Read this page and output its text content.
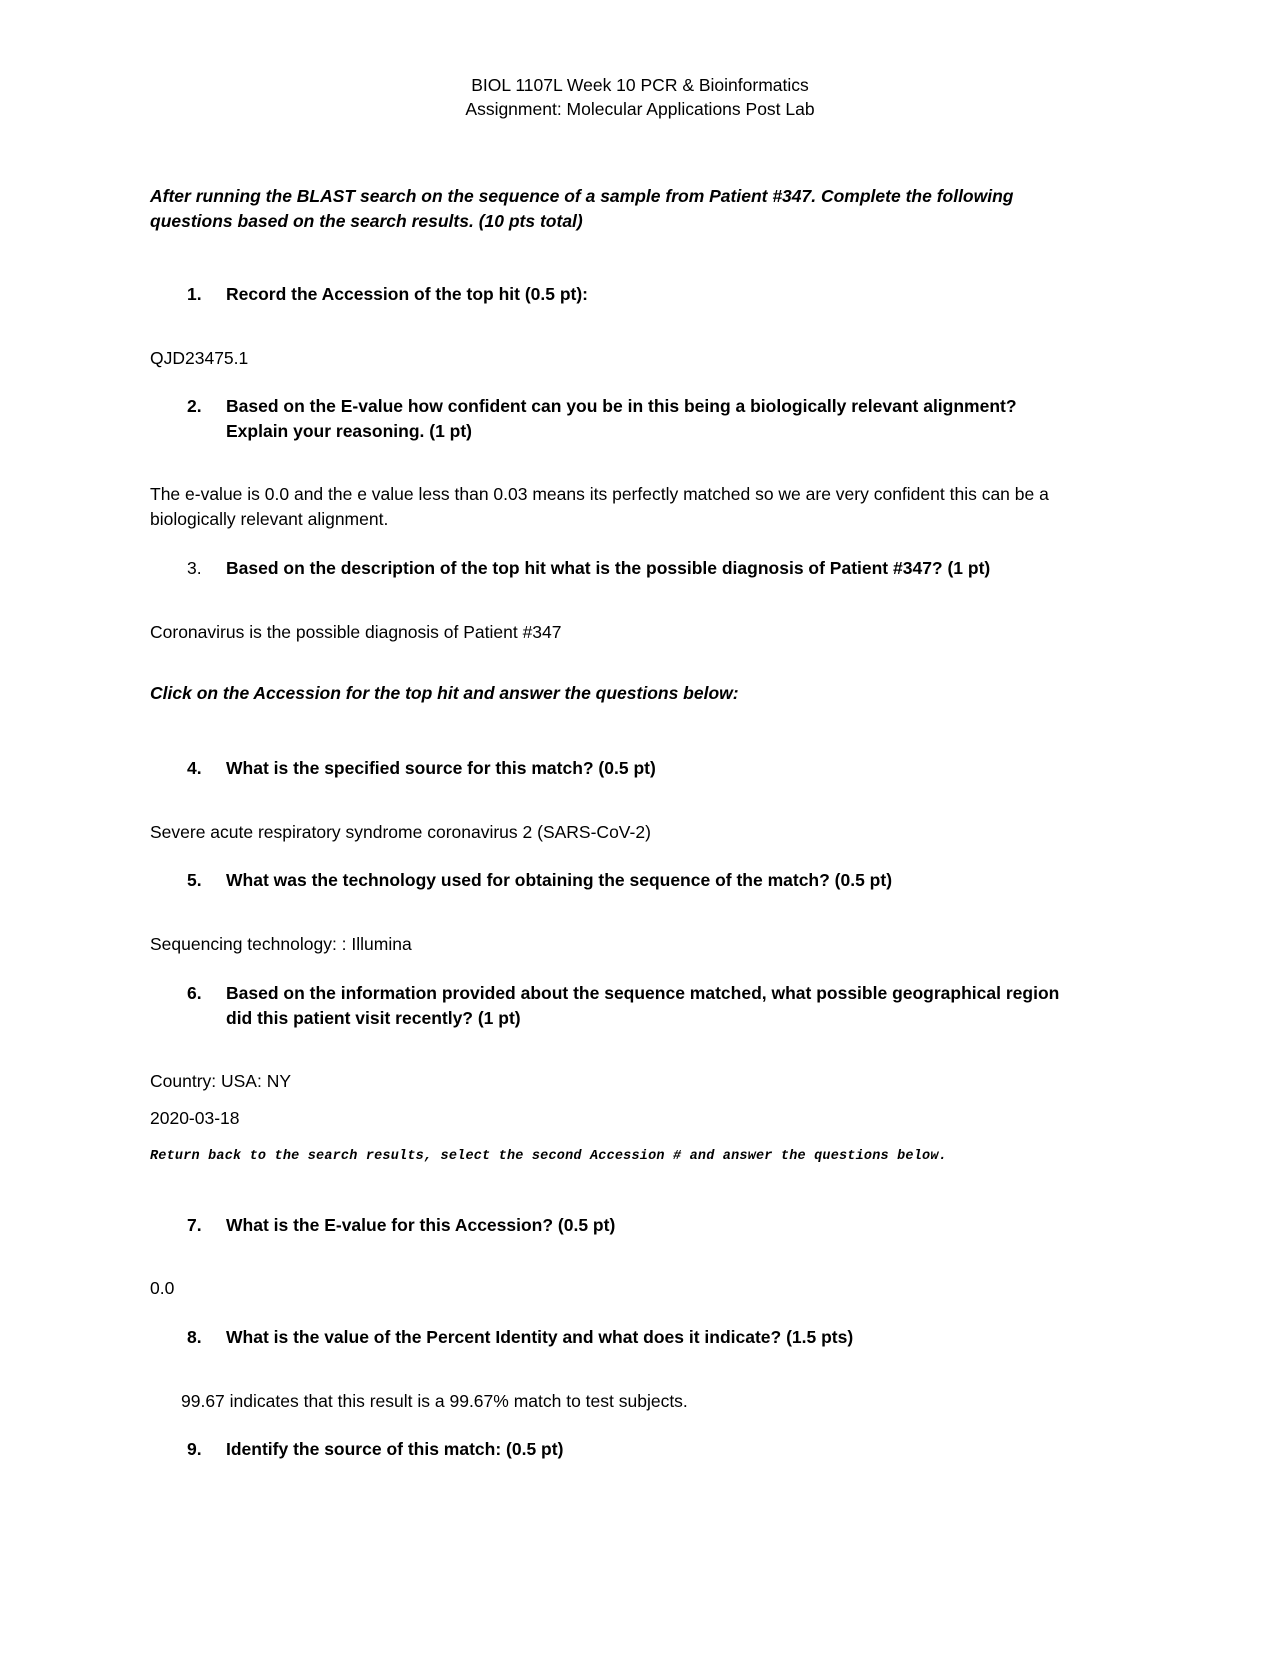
BIOL 1107L Week 10 PCR & Bioinformatics
Assignment: Molecular Applications Post Lab
After running the BLAST search on the sequence of a sample from Patient #347. Complete the following
questions based on the search results. (10 pts total)
1. Record the Accession of the top hit (0.5 pt):
QJD23475.1
2. Based on the E-value how confident can you be in this being a biologically relevant alignment?
Explain your reasoning. (1 pt)
The e-value is 0.0 and the e value less than 0.03 means its perfectly matched so we are very confident this can be a
biologically relevant alignment.
3. Based on the description of the top hit what is the possible diagnosis of Patient #347? (1 pt)
Coronavirus is the possible diagnosis of Patient #347
Click on the Accession for the top hit and answer the questions below:
4. What is the specified source for this match? (0.5 pt)
Severe acute respiratory syndrome coronavirus 2 (SARS-CoV-2)
5. What was the technology used for obtaining the sequence of the match? (0.5 pt)
Sequencing technology: : Illumina
6. Based on the information provided about the sequence matched, what possible geographical region
did this patient visit recently? (1 pt)
Country: USA: NY
2020-03-18
Return back to the search results, select the second Accession # and answer the questions below.
7. What is the E-value for this Accession? (0.5 pt)
0.0
8. What is the value of the Percent Identity and what does it indicate? (1.5 pts)
99.67 indicates that this result is a 99.67% match to test subjects.
9. Identify the source of this match: (0.5 pt)
